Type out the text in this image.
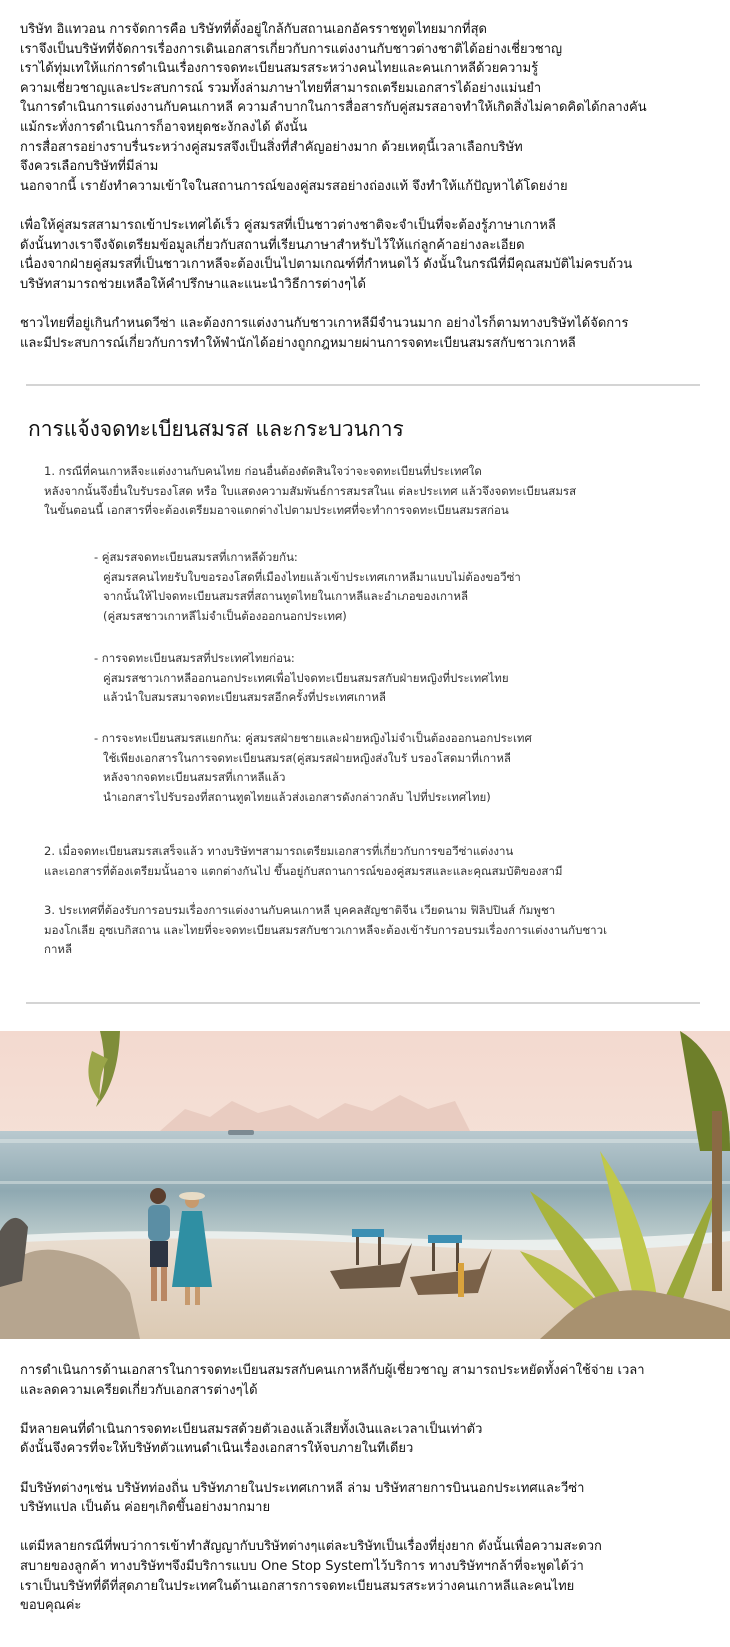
บริษัท อิแทวอน การจัดการคือ บริษัทที่ตั้งอยู่ใกล้กับสถานเอกอัครราชทูตไทยมากที่สุด

เราจึงเป็นบริษัทที่จัดการเรื่องการเดินเอกสารเกี่ยวกับการแต่งงานกับชาวต่างชาติได้อย่างเชี่ยวชาญ

เราได้ทุ่มเทให้แก่การดำเนินเรื่องการจดทะเบียนสมรสระหว่างคนไทยและคนเกาหลีด้วยความรู้

ความเชี่ยวชาญและประสบการณ์ รวมทั้งล่ามภาษาไทยที่สามารถเตรียมเอกสารได้อย่างแม่นยำ

ในการดำเนินการแต่งงานกับคนเกาหลี ความลำบากในการสื่อสารกับคู่สมรสอาจทำให้เกิดสิ่งไม่คาดคิดได้กลางคัน

แม้กระทั่งการดำเนินการก็อาจหยุดชะงักลงได้ ดังนั้น

การสื่อสารอย่างราบรื่นระหว่างคู่สมรสจึงเป็นสิ่งที่สำคัญอย่างมาก ด้วยเหตุนี้เวลาเลือกบริษัท

จึงควรเลือกบริษัทที่มีล่าม

นอกจากนี้ เรายังทำความเข้าใจในสถานการณ์ของคู่สมรสอย่างถ่องแท้ จึงทำให้แก้ปัญหาได้โดยง่าย

เพื่อให้คู่สมรสสามารถเข้าประเทศได้เร็ว คู่สมรสที่เป็นชาวต่างชาติจะจำเป็นที่จะต้องรู้ภาษาเกาหลี

ดังนั้นทางเราจึงจัดเตรียมข้อมูลเกี่ยวกับสถานที่เรียนภาษาสำหรับไว้ให้แก่ลูกค้าอย่างละเอียด

เนื่องจากฝ่ายคู่สมรสที่เป็นชาวเกาหลีจะต้องเป็นไปตามเกณฑ์ที่กำหนดไว้ ดังนั้นในกรณีที่มีคุณสมบัติไม่ครบถ้วน

บริษัทสามารถช่วยเหลือให้คำปรึกษาและแนะนำวิธีการต่างๆได้

ชาวไทยที่อยู่เกินกำหนดวีซ่า และต้องการแต่งงานกับชาวเกาหลีมีจำนวนมาก อย่างไรก็ตามทางบริษัทได้จัดการ

และมีประสบการณ์เกี่ยวกับการทำให้พำนักได้อย่างถูกกฎหมายผ่านการจดทะเบียนสมรสกับชาวเกาหลี

การแจ้งจดทะเบียนสมรส และกระบวนการ

1. กรณีที่คนเกาหลีจะแต่งงานกับคนไทย ก่อนอื่นต้องตัดสินใจว่าจะจดทะเบียนที่ประเทศใด

หลังจากนั้นจึงยื่นใบรับรองโสด หรือ ใบแสดงความสัมพันธ์การสมรสในแ ต่ละประเทศ แล้วจึงจดทะเบียนสมรส

ในขั้นตอนนี้ เอกสารที่จะต้องเตรียมอาจแตกต่างไปตามประเทศที่จะทำการจดทะเบียนสมรสก่อน

- คู่สมรสจดทะเบียนสมรสที่เกาหลีด้วยกัน:

คู่สมรสคนไทยรับใบขอรองโสดที่เมืองไทยแล้วเข้าประเทศเกาหลีมาแบบไม่ต้องขอวีซ่า

จากนั้นให้ไปจดทะเบียนสมรสที่สถานทูตไทยในเกาหลีและอำเภอของเกาหลี

(คู่สมรสชาวเกาหลีไม่จำเป็นต้องออกนอกประเทศ)

- การจดทะเบียนสมรสที่ประเทศไทยก่อน:

คู่สมรสชาวเกาหลีออกนอกประเทศเพื่อไปจดทะเบียนสมรสกับฝ่ายหญิงที่ประเทศไทย

แล้วนำใบสมรสมาจดทะเบียนสมรสอีกครั้งที่ประเทศเกาหลี

- การจะทะเบียนสมรสแยกกัน: คู่สมรสฝ่ายชายและฝ่ายหญิงไม่จำเป็นต้องออกนอกประเทศ

ใช้เพียงเอกสารในการจดทะเบียนสมรส(คู่สมรสฝ่ายหญิงส่งใบรั บรองโสดมาที่เกาหลี

หลังจากจดทะเบียนสมรสที่เกาหลีแล้ว

นำเอกสารไปรับรองที่สถานทูตไทยแล้วส่งเอกสารดังกล่าวกลับ ไปที่ประเทศไทย)

2. เมื่อจดทะเบียนสมรสเสร็จแล้ว ทางบริษัทฯสามารถเตรียมเอกสารที่เกี่ยวกับการขอวีซ่าแต่งงาน

และเอกสารที่ต้องเตรียมนั้นอาจ แตกต่างกันไป ขึ้นอยู่กับสถานการณ์ของคู่สมรสและและคุณสมบัติของสามี

3. ประเทศที่ต้องรับการอบรมเรื่องการแต่งงานกับคนเกาหลี บุคคลสัญชาติจีน เวียดนาม ฟิลิปปินส์ กัมพูชา

มองโกเลีย อุซเบกิสถาน และไทยที่จะจดทะเบียนสมรสกับชาวเกาหลีจะต้องเข้ารับการอบรมเรื่องการแต่งงานกับชาวเ

กาหลี

การดำเนินการด้านเอกสารในการจดทะเบียนสมรสกับคนเกาหลีกับผู้เชี่ยวชาญ สามารถประหยัดทั้งค่าใช้จ่าย เวลา

และลดความเครียดเกี่ยวกับเอกสารต่างๆได้

มีหลายคนที่ดำเนินการจดทะเบียนสมรสด้วยตัวเองแล้วเสียทั้งเงินและเวลาเป็นเท่าตัว

ดังนั้นจึงควรที่จะให้บริษัทตัวแทนดำเนินเรื่องเอกสารให้จบภายในทีเดียว

มีบริษัทต่างๆเช่น บริษัทท่องถิ่น บริษัทภายในประเทศเกาหลี ล่าม บริษัทสายการบินนอกประเทศและวีซ่า

บริษัทแปล เป็นต้น ค่อยๆเกิดขึ้นอย่างมากมาย

แต่มีหลายกรณีที่พบว่าการเข้าทำสัญญากับบริษัทต่างๆแต่ละบริษัทเป็นเรื่องที่ยุ่งยาก ดังนั้นเพื่อความสะดวก

สบายของลูกค้า ทางบริษัทฯจึงมีบริการแบบ One Stop Systemไว้บริการ ทางบริษัทฯกล้าที่จะพูดได้ว่า

เราเป็นบริษัทที่ดีที่สุดภายในประเทศในด้านเอกสารการจดทะเบียนสมรสระหว่างคนเกาหลีและคนไทย

ขอบคุณค่ะ
